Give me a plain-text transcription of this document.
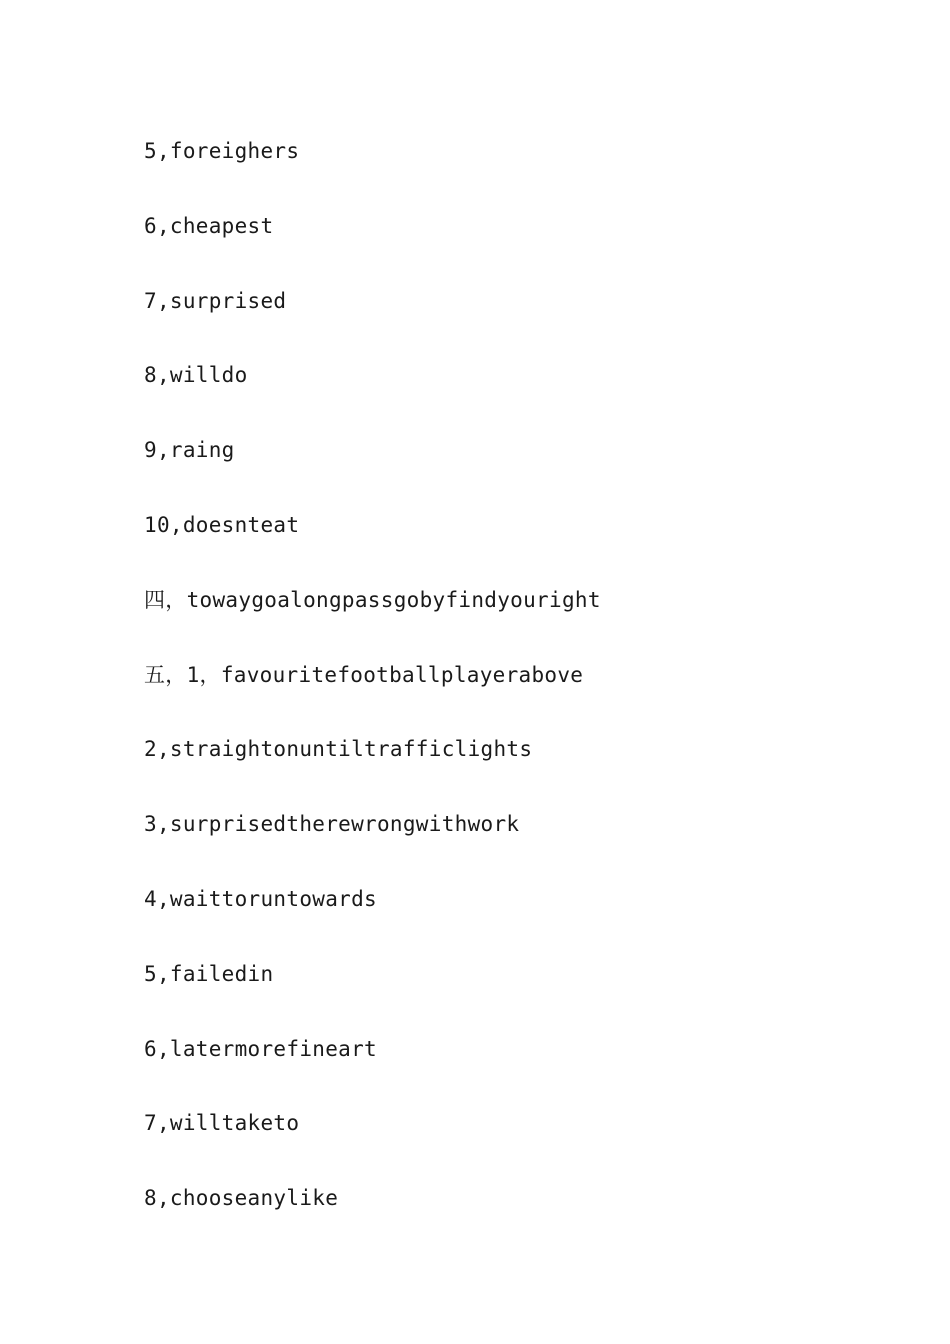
5,foreighers
6,cheapest
7,surprised
8,willdo
9,raing
10,doesnteat
四，towaygoalongpassgobyfindyouright
五，1，favouritefootballplayerabove
2,straightonuntiltrafficlights
3,surprisedtherewrongwithwork
4,waittoruntowards
5,failedin
6,latermorefineart
7,willtaketo
8,chooseanylike
